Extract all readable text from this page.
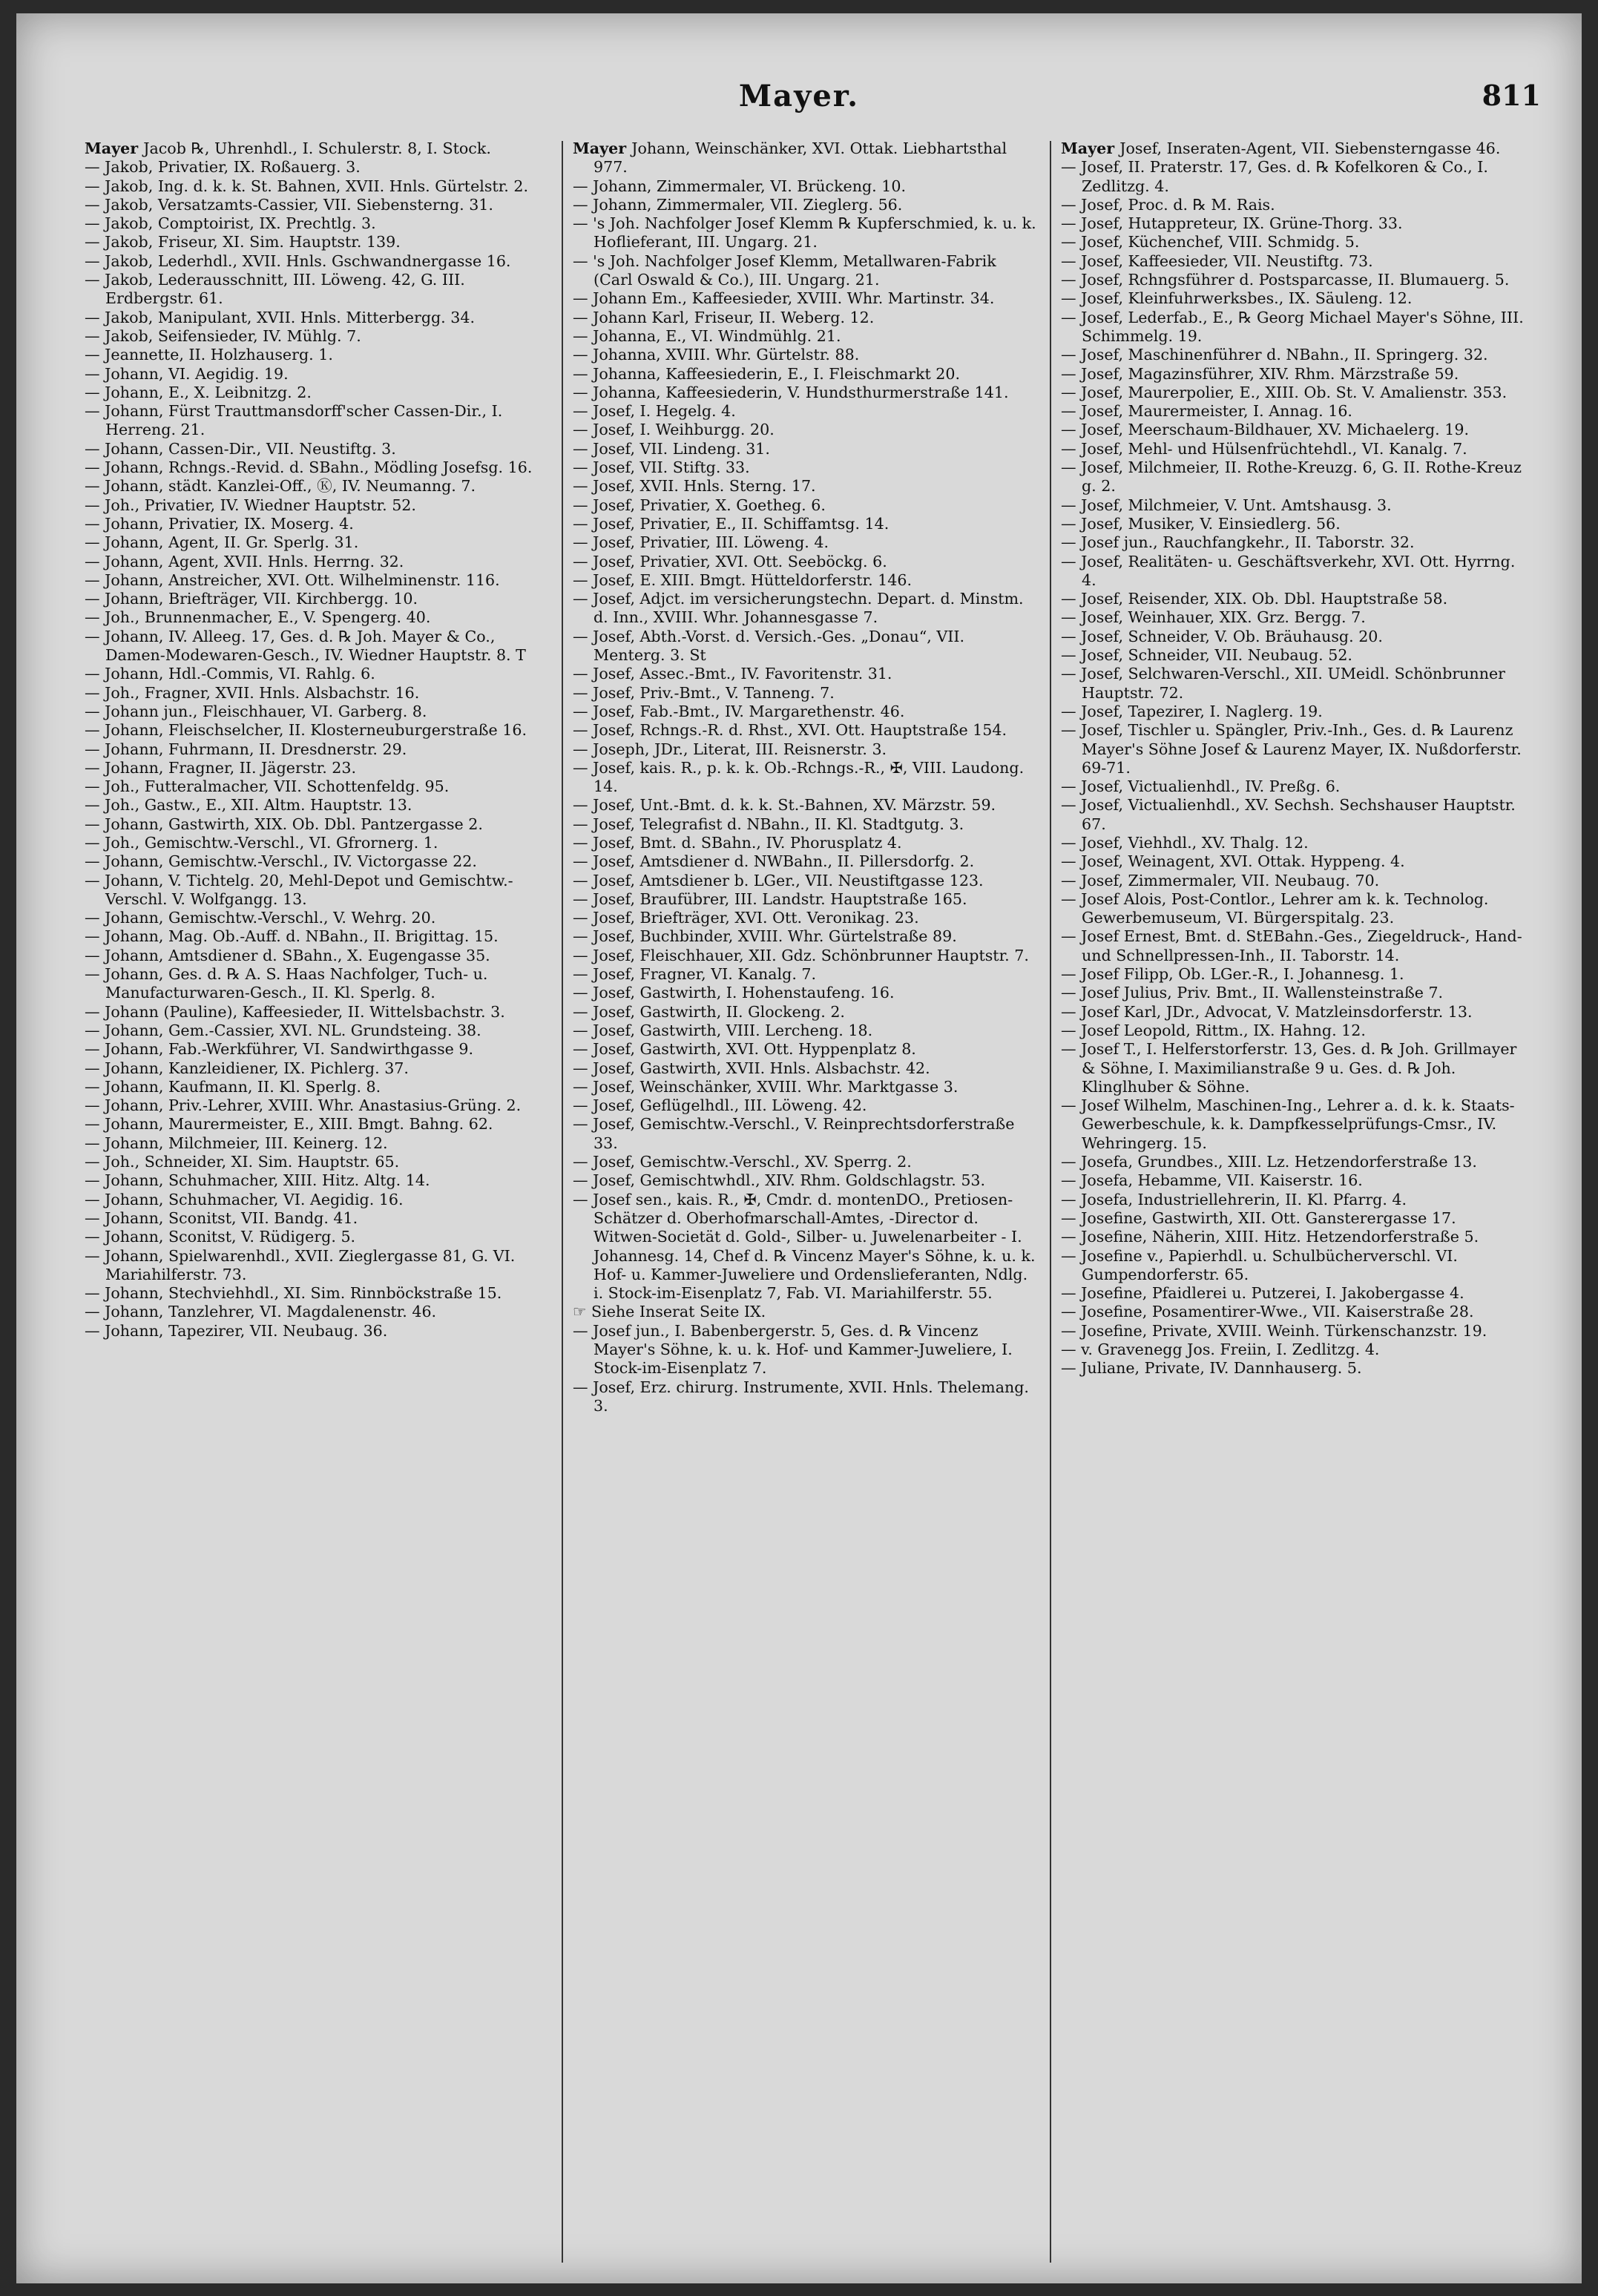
Mayer.	811

Mayer Jacob ℞, Uhrenhdl., I. Schulerstr. 8, I. Stock.

— Jakob, Privatier, IX. Roßauerg. 3.

— Jakob, Ing. d. k. k. St. Bahnen, XVII. Hnls. Gürtelstr. 2.

— Jakob, Versatzamts-Cassier, VII. Siebensterng. 31.

— Jakob, Comptoirist, IX. Prechtlg. 3.

— Jakob, Friseur, XI. Sim. Hauptstr. 139.

— Jakob, Lederhdl., XVII. Hnls. Gschwandnergasse 16.

— Jakob, Lederausschnitt, III. Löweng. 42, G. III. Erdbergstr. 61.

— Jakob, Manipulant, XVII. Hnls. Mitterbergg. 34.

— Jakob, Seifensieder, IV. Mühlg. 7.

— Jeannette, II. Holzhauserg. 1.

— Johann, VI. Aegidig. 19.

— Johann, E., X. Leibnitzg. 2.

— Johann, Fürst Trauttmansdorff'scher Cassen-Dir., I. Herreng. 21.

— Johann, Cassen-Dir., VII. Neustiftg. 3.

— Johann, Rchngs.-Revid. d. SBahn., Mödling Josefsg. 16.

— Johann, städt. Kanzlei-Off., Ⓚ, IV. Neumanng. 7.

— Joh., Privatier, IV. Wiedner Hauptstr. 52.

— Johann, Privatier, IX. Moserg. 4.

— Johann, Agent, II. Gr. Sperlg. 31.

— Johann, Agent, XVII. Hnls. Herrng. 32.

— Johann, Anstreicher, XVI. Ott. Wilhelminenstr. 116.

— Johann, Briefträger, VII. Kirchbergg. 10.

— Joh., Brunnenmacher, E., V. Spengerg. 40.

— Johann, IV. Alleeg. 17, Ges. d. ℞ Joh. Mayer & Co., Damen-Modewaren-Gesch., IV. Wiedner Hauptstr. 8. T

— Johann, Hdl.-Commis, VI. Rahlg. 6.

— Joh., Fragner, XVII. Hnls. Alsbachstr. 16.

— Johann jun., Fleischhauer, VI. Garberg. 8.

— Johann, Fleischselcher, II. Klosterneuburgerstraße 16.

— Johann, Fuhrmann, II. Dresdnerstr. 29.

— Johann, Fragner, II. Jägerstr. 23.

— Joh., Futteralmacher, VII. Schottenfeldg. 95.

— Joh., Gastw., E., XII. Altm. Hauptstr. 13.

— Johann, Gastwirth, XIX. Ob. Dbl. Pantzergasse 2.

— Joh., Gemischtw.-Verschl., VI. Gfrornerg. 1.

— Johann, Gemischtw.-Verschl., IV. Victorgasse 22.

— Johann, V. Tichtelg. 20, Mehl-Depot und Gemischtw.-Verschl. V. Wolfgangg. 13.

— Johann, Gemischtw.-Verschl., V. Wehrg. 20.

— Johann, Mag. Ob.-Auff. d. NBahn., II. Brigittag. 15.

— Johann, Amtsdiener d. SBahn., X. Eugengasse 35.

— Johann, Ges. d. ℞ A. S. Haas Nachfolger, Tuch- u. Manufacturwaren-Gesch., II. Kl. Sperlg. 8.

— Johann (Pauline), Kaffeesieder, II. Wittelsbachstr. 3.

— Johann, Gem.-Cassier, XVI. NL. Grundsteing. 38.

— Johann, Fab.-Werkführer, VI. Sandwirthgasse 9.

— Johann, Kanzleidiener, IX. Pichlerg. 37.

— Johann, Kaufmann, II. Kl. Sperlg. 8.

— Johann, Priv.-Lehrer, XVIII. Whr. Anastasius-Grüng. 2.

— Johann, Maurermeister, E., XIII. Bmgt. Bahng. 62.

— Johann, Milchmeier, III. Keinerg. 12.

— Joh., Schneider, XI. Sim. Hauptstr. 65.

— Johann, Schuhmacher, XIII. Hitz. Altg. 14.

— Johann, Schuhmacher, VI. Aegidig. 16.

— Johann, Sconitst, VII. Bandg. 41.

— Johann, Sconitst, V. Rüdigerg. 5.

— Johann, Spielwarenhdl., XVII. Zieglergasse 81, G. VI. Mariahilferstr. 73.

— Johann, Stechviehhdl., XI. Sim. Rinnböckstraße 15.

— Johann, Tanzlehrer, VI. Magdalenenstr. 46.

— Johann, Tapezirer, VII. Neubaug. 36.

Mayer Johann, Weinschänker, XVI. Ottak. Liebhartsthal 977.

— Johann, Zimmermaler, VI. Brückeng. 10.

— Johann, Zimmermaler, VII. Zieglerg. 56.

— 's Joh. Nachfolger Josef Klemm ℞ Kupferschmied, k. u. k. Hoflieferant, III. Ungarg. 21.

— 's Joh. Nachfolger Josef Klemm, Metallwaren-Fabrik (Carl Oswald & Co.), III. Ungarg. 21.

— Johann Em., Kaffeesieder, XVIII. Whr. Martinstr. 34.

— Johann Karl, Friseur, II. Weberg. 12.

— Johanna, E., VI. Windmühlg. 21.

— Johanna, XVIII. Whr. Gürtelstr. 88.

— Johanna, Kaffeesiederin, E., I. Fleischmarkt 20.

— Johanna, Kaffeesiederin, V. Hundsthurmerstraße 141.

— Josef, I. Hegelg. 4.

— Josef, I. Weihburgg. 20.

— Josef, VII. Lindeng. 31.

— Josef, VII. Stiftg. 33.

— Josef, XVII. Hnls. Sterng. 17.

— Josef, Privatier, X. Goetheg. 6.

— Josef, Privatier, E., II. Schiffamtsg. 14.

— Josef, Privatier, III. Löweng. 4.

— Josef, Privatier, XVI. Ott. Seeböckg. 6.

— Josef, E. XIII. Bmgt. Hütteldorferstr. 146.

— Josef, Adjct. im versicherungstechn. Depart. d. Minstm. d. Inn., XVIII. Whr. Johannesgasse 7.

— Josef, Abth.-Vorst. d. Versich.-Ges. „Donau“, VII. Menterg. 3. St

— Josef, Assec.-Bmt., IV. Favoritenstr. 31.

— Josef, Priv.-Bmt., V. Tanneng. 7.

— Josef, Fab.-Bmt., IV. Margarethenstr. 46.

— Josef, Rchngs.-R. d. Rhst., XVI. Ott. Hauptstraße 154.

— Joseph, JDr., Literat, III. Reisnerstr. 3.

— Josef, kais. R., p. k. k. Ob.-Rchngs.-R., ✠, VIII. Laudong. 14.

— Josef, Unt.-Bmt. d. k. k. St.-Bahnen, XV. Märzstr. 59.

— Josef, Telegrafist d. NBahn., II. Kl. Stadtgutg. 3.

— Josef, Bmt. d. SBahn., IV. Phorusplatz 4.

— Josef, Amtsdiener d. NWBahn., II. Pillersdorfg. 2.

— Josef, Amtsdiener b. LGer., VII. Neustiftgasse 123.

— Josef, Braufübrer, III. Landstr. Hauptstraße 165.

— Josef, Briefträger, XVI. Ott. Veronikag. 23.

— Josef, Buchbinder, XVIII. Whr. Gürtelstraße 89.

— Josef, Fleischhauer, XII. Gdz. Schönbrunner Hauptstr. 7.

— Josef, Fragner, VI. Kanalg. 7.

— Josef, Gastwirth, I. Hohenstaufeng. 16.

— Josef, Gastwirth, II. Glockeng. 2.

— Josef, Gastwirth, VIII. Lercheng. 18.

— Josef, Gastwirth, XVI. Ott. Hyppenplatz 8.

— Josef, Gastwirth, XVII. Hnls. Alsbachstr. 42.

— Josef, Weinschänker, XVIII. Whr. Marktgasse 3.

— Josef, Geflügelhdl., III. Löweng. 42.

— Josef, Gemischtw.-Verschl., V. Reinprechtsdorferstraße 33.

— Josef, Gemischtw.-Verschl., XV. Sperrg. 2.

— Josef, Gemischtwhdl., XIV. Rhm. Goldschlagstr. 53.

— Josef sen., kais. R., ✠, Cmdr. d. montenDO., Pretiosen-Schätzer d. Oberhofmarschall-Amtes, -Director d. Witwen-Societät d. Gold-, Silber- u. Juwelenarbeiter - I. Johannesg. 14, Chef d. ℞ Vincenz Mayer's Söhne, k. u. k. Hof- u. Kammer-Juweliere und Ordenslieferanten, Ndlg. i. Stock-im-Eisenplatz 7, Fab. VI. Mariahilferstr. 55.

☞ Siehe Inserat Seite IX.

— Josef jun., I. Babenbergerstr. 5, Ges. d. ℞ Vincenz Mayer's Söhne, k. u. k. Hof- und Kammer-Juweliere, I. Stock-im-Eisenplatz 7.

— Josef, Erz. chirurg. Instrumente, XVII. Hnls. Thelemang. 3.

Mayer Josef, Inseraten-Agent, VII. Siebensterngasse 46.

— Josef, II. Praterstr. 17, Ges. d. ℞ Kofelkoren & Co., I. Zedlitzg. 4.

— Josef, Proc. d. ℞ M. Rais.

— Josef, Hutappreteur, IX. Grüne-Thorg. 33.

— Josef, Küchenchef, VIII. Schmidg. 5.

— Josef, Kaffeesieder, VII. Neustiftg. 73.

— Josef, Rchngsführer d. Postsparcasse, II. Blumauerg. 5.

— Josef, Kleinfuhrwerksbes., IX. Säuleng. 12.

— Josef, Lederfab., E., ℞ Georg Michael Mayer's Söhne, III. Schimmelg. 19.

— Josef, Maschinenführer d. NBahn., II. Springerg. 32.

— Josef, Magazinsführer, XIV. Rhm. Märzstraße 59.

— Josef, Maurerpolier, E., XIII. Ob. St. V. Amalienstr. 353.

— Josef, Maurermeister, I. Annag. 16.

— Josef, Meerschaum-Bildhauer, XV. Michaelerg. 19.

— Josef, Mehl- und Hülsenfrüchtehdl., VI. Kanalg. 7.

— Josef, Milchmeier, II. Rothe-Kreuzg. 6, G. II. Rothe-Kreuz g. 2.

— Josef, Milchmeier, V. Unt. Amtshausg. 3.

— Josef, Musiker, V. Einsiedlerg. 56.

— Josef jun., Rauchfangkehr., II. Taborstr. 32.

— Josef, Realitäten- u. Geschäftsverkehr, XVI. Ott. Hyrrng. 4.

— Josef, Reisender, XIX. Ob. Dbl. Hauptstraße 58.

— Josef, Weinhauer, XIX. Grz. Bergg. 7.

— Josef, Schneider, V. Ob. Bräuhausg. 20.

— Josef, Schneider, VII. Neubaug. 52.

— Josef, Selchwaren-Verschl., XII. UMeidl. Schönbrunner Hauptstr. 72.

— Josef, Tapezirer, I. Naglerg. 19.

— Josef, Tischler u. Spängler, Priv.-Inh., Ges. d. ℞ Laurenz Mayer's Söhne Josef & Laurenz Mayer, IX. Nußdorferstr. 69-71.

— Josef, Victualienhdl., IV. Preßg. 6.

— Josef, Victualienhdl., XV. Sechsh. Sechshauser Hauptstr. 67.

— Josef, Viehhdl., XV. Thalg. 12.

— Josef, Weinagent, XVI. Ottak. Hyppeng. 4.

— Josef, Zimmermaler, VII. Neubaug. 70.

— Josef Alois, Post-Contlor., Lehrer am k. k. Technolog. Gewerbemuseum, VI. Bürgerspitalg. 23.

— Josef Ernest, Bmt. d. StEBahn.-Ges., Ziegeldruck-, Hand- und Schnellpressen-Inh., II. Taborstr. 14.

— Josef Filipp, Ob. LGer.-R., I. Johannesg. 1.

— Josef Julius, Priv. Bmt., II. Wallensteinstraße 7.

— Josef Karl, JDr., Advocat, V. Matzleinsdorferstr. 13.

— Josef Leopold, Rittm., IX. Hahng. 12.

— Josef T., I. Helferstorferstr. 13, Ges. d. ℞ Joh. Grillmayer & Söhne, I. Maximilianstraße 9 u. Ges. d. ℞ Joh. Klinglhuber & Söhne.

— Josef Wilhelm, Maschinen-Ing., Lehrer a. d. k. k. Staats-Gewerbeschule, k. k. Dampfkesselprüfungs-Cmsr., IV. Wehringerg. 15.

— Josefa, Grundbes., XIII. Lz. Hetzendorferstraße 13.

— Josefa, Hebamme, VII. Kaiserstr. 16.

— Josefa, Industriellehrerin, II. Kl. Pfarrg. 4.

— Josefine, Gastwirth, XII. Ott. Gansterergasse 17.

— Josefine, Näherin, XIII. Hitz. Hetzendorferstraße 5.

— Josefine v., Papierhdl. u. Schulbücherverschl. VI. Gumpendorferstr. 65.

— Josefine, Pfaidlerei u. Putzerei, I. Jakobergasse 4.

— Josefine, Posamentirer-Wwe., VII. Kaiserstraße 28.

— Josefine, Private, XVIII. Weinh. Türkenschanzstr. 19.

— v. Gravenegg Jos. Freiin, I. Zedlitzg. 4.

— Juliane, Private, IV. Dannhauserg. 5.
